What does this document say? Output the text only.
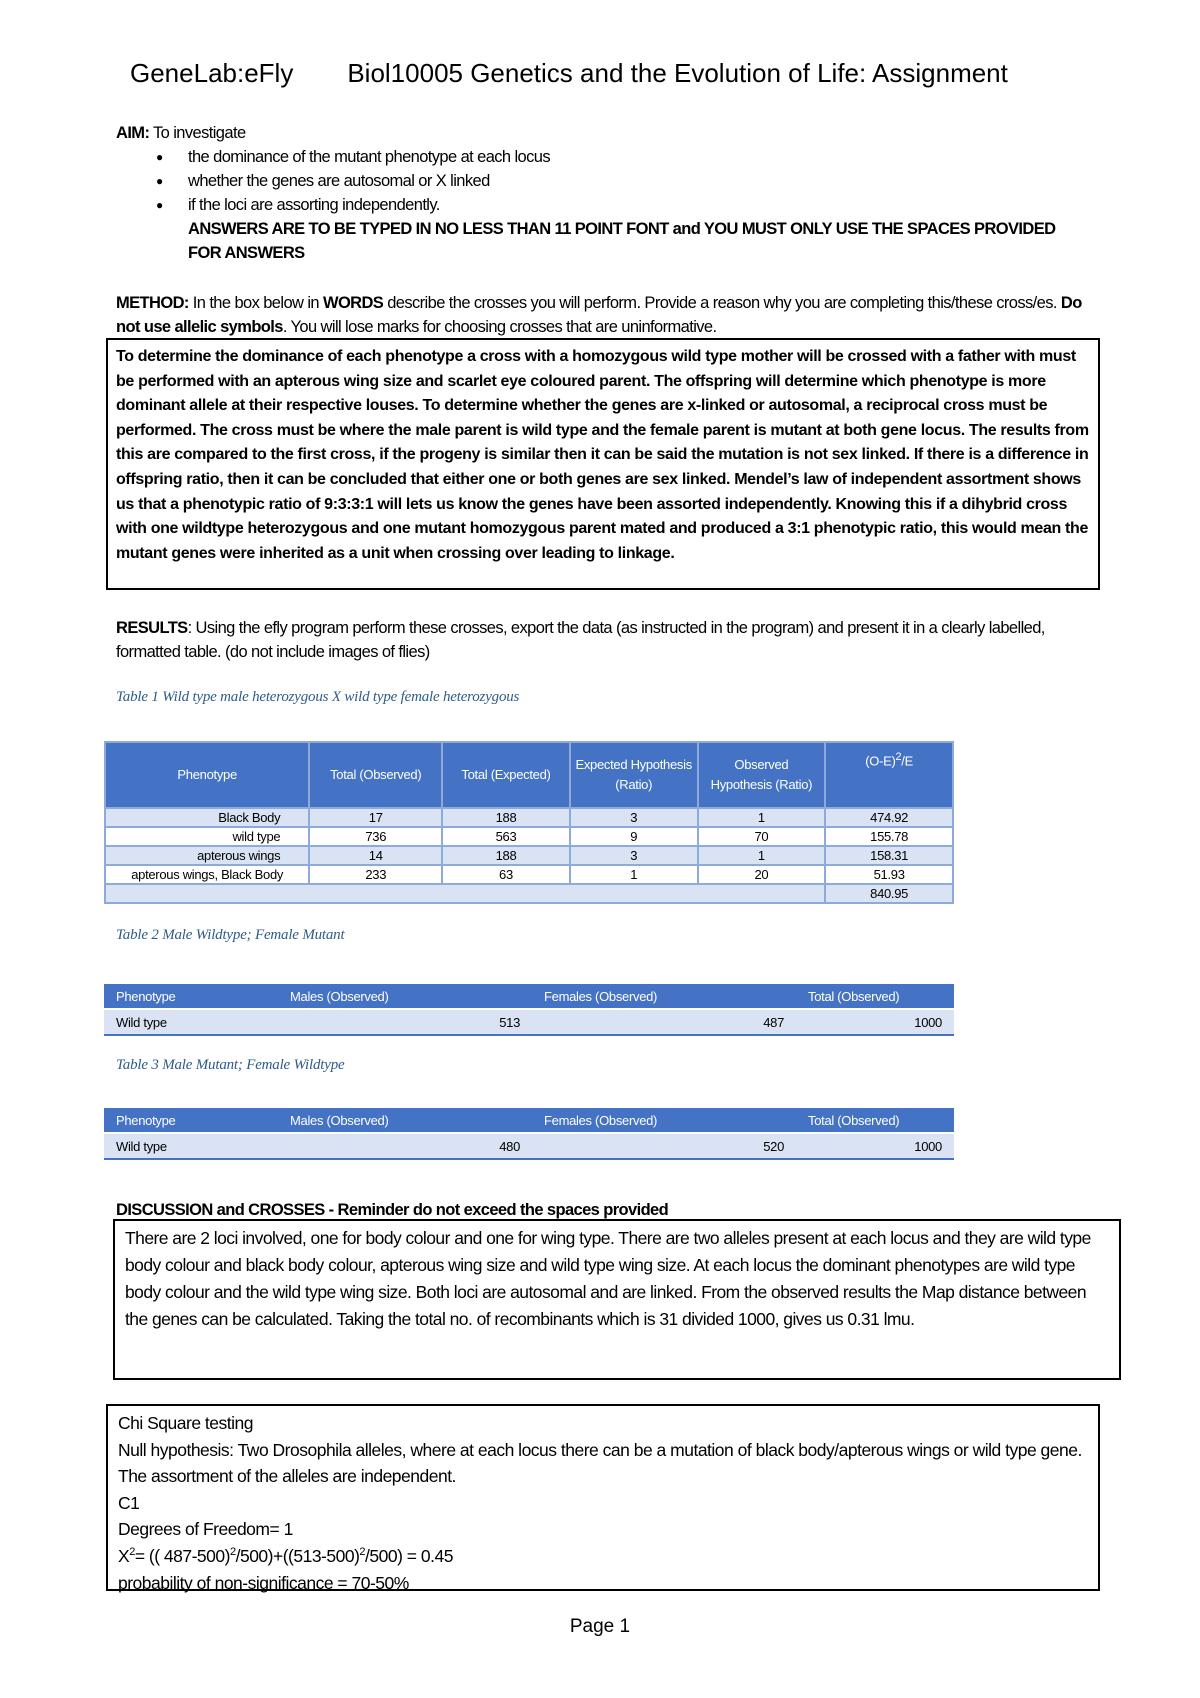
GeneLab:eFly Biol10005 Genetics and the Evolution of Life: Assignment
AIM: To investigate
● the dominance of the mutant phenotype at each locus
● whether the genes are autosomal or X linked
● if the loci are assorting independently.
ANSWERS ARE TO BE TYPED IN NO LESS THAN 11 POINT FONT and YOU MUST ONLY USE THE SPACES PROVIDED FOR ANSWERS
METHOD: In the box below in WORDS describe the crosses you will perform. Provide a reason why you are completing this/these cross/es. Do not use allelic symbols. You will lose marks for choosing crosses that are uninformative.
To determine the dominance of each phenotype a cross with a homozygous wild type mother will be crossed with a father with must be performed with an apterous wing size and scarlet eye coloured parent. The offspring will determine which phenotype is more dominant allele at their respective louses. To determine whether the genes are x-linked or autosomal, a reciprocal cross must be performed. The cross must be where the male parent is wild type and the female parent is mutant at both gene locus. The results from this are compared to the first cross, if the progeny is similar then it can be said the mutation is not sex linked. If there is a difference in offspring ratio, then it can be concluded that either one or both genes are sex linked. Mendel’s law of independent assortment shows us that a phenotypic ratio of 9:3:3:1 will lets us know the genes have been assorted independently. Knowing this if a dihybrid cross with one wildtype heterozygous and one mutant homozygous parent mated and produced a 3:1 phenotypic ratio, this would mean the mutant genes were inherited as a unit when crossing over leading to linkage.
RESULTS: Using the efly program perform these crosses, export the data (as instructed in the program) and present it in a clearly labelled, formatted table. (do not include images of flies)
Table 1 Wild type male heterozygous X wild type female heterozygous
Phenotype	Total (Observed)	Total (Expected)	Expected Hypothesis (Ratio)	Observed Hypothesis (Ratio)	$(O-E)^2/E$
Black Body	17	188	3	1	474.92
wild type	736	563	9	70	155.78
apterous wings	14	188	3	1	158.31
apterous wings, Black Body	233	63	1	20	51.93
					840.95
Table 2 Male Wildtype; Female Mutant
Phenotype	Males (Observed)	Females (Observed)	Total (Observed)
Wild type	513	487	1000
Table 3 Male Mutant; Female Wildtype
Phenotype	Males (Observed)	Females (Observed)	Total (Observed)
Wild type	480	520	1000
DISCUSSION and CROSSES - Reminder do not exceed the spaces provided
There are 2 loci involved, one for body colour and one for wing type. There are two alleles present at each locus and they are wild type body colour and black body colour, apterous wing size and wild type wing size. At each locus the dominant phenotypes are wild type body colour and the wild type wing size. Both loci are autosomal and are linked. From the observed results the Map distance between the genes can be calculated. Taking the total no. of recombinants which is 31 divided 1000, gives us 0.31 lmu.
Chi Square testing
Null hypothesis: Two Drosophila alleles, where at each locus there can be a mutation of black body/apterous wings or wild type gene. The assortment of the alleles are independent.
C1
Degrees of Freedom= 1
$X^2=$ (( $487-500)^2/500)+((513-500)^2/500) = 0.45$
probability of non-significance = 70-50%
Page 1
